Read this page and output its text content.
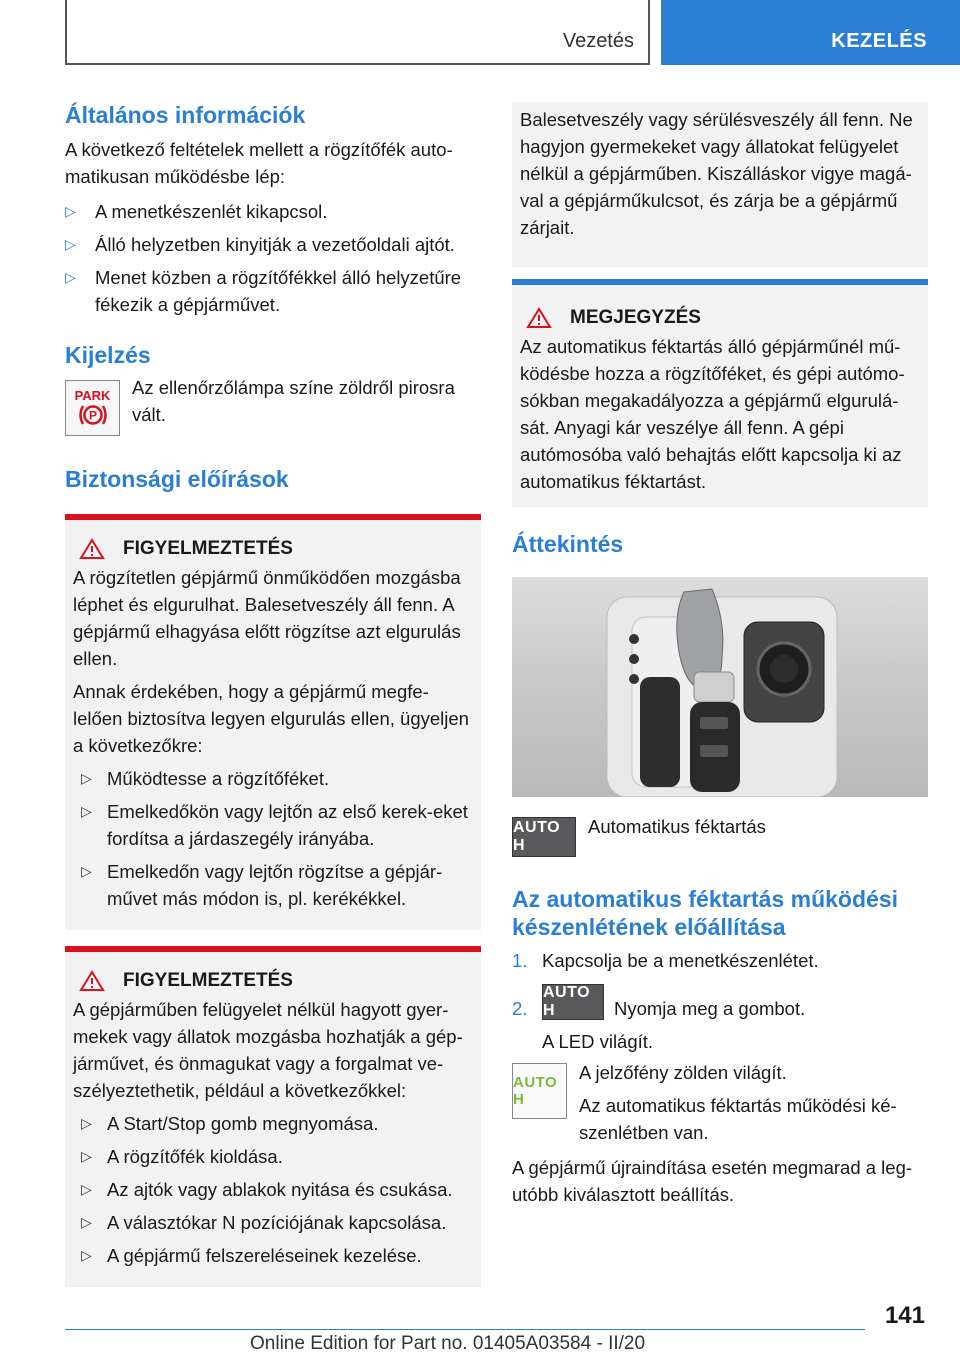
Vezetés	KEZELÉS
Általános információk

A következő feltételek mellett a rögzítőfék auto-matikusan működésbe lép:

▷ A menetkészenlét kikapcsol.
▷ Álló helyzetben kinyitják a vezetőoldali ajtót.
▷ Menet közben a rögzítőfékkel álló helyzetűre fékezik a gépjárművet.
Kijelzés
PARK
P

Az ellenőrzőlámpa színe zöldről pirosra vált.

Biztonsági előírások
FIGYELMEZTETÉS

A rögzítetlen gépjármű önműködően mozgásba léphet és elgurulhat. Balesetveszély áll fenn. A gépjármű elhagyása előtt rögzítse azt elgurulás ellen.

Annak érdekében, hogy a gépjármű megfe-lelően biztosítva legyen elgurulás ellen, ügyeljen a következőkre:

▷ Működtesse a rögzítőféket.
▷ Emelkedőkön vagy lejtőn az első kerek-eket fordítsa a járdaszegély irányába.
▷ Emelkedőn vagy lejtőn rögzítse a gépjár-művet más módon is, pl. kerékékkel.
FIGYELMEZTETÉS

A gépjárműben felügyelet nélkül hagyott gyer-mekek vagy állatok mozgásba hozhatják a gép-járművet, és önmagukat vagy a forgalmat ve-szélyeztethetik, például a következőkkel:

▷ A Start/Stop gomb megnyomása.
▷ A rögzítőfék kioldása.
▷ Az ajtók vagy ablakok nyitása és csukása.
▷ A választókar N pozíciójának kapcsolása.
▷ A gépjármű felszereléseinek kezelése.

Balesetveszély vagy sérülésveszély áll fenn. Ne hagyjon gyermekeket vagy állatokat felügyelet nélkül a gépjárműben. Kiszálláskor vigye magá-val a gépjárműkulcsot, és zárja be a gépjármű zárjait.

MEGJEGYZÉS

Az automatikus féktartás álló gépjárműnél mű-ködésbe hozza a rögzítőféket, és gépi autómo-sókban megakadályozza a gépjármű elgurulá-sát. Anyagi kár veszélye áll fenn. A gépi autómosóba való behajtás előtt kapcsolja ki az automatikus féktartást.

Áttekintés
AUTO H

Automatikus féktartás

Az automatikus féktartás működési készenlétének előállítása
1. Kapcsolja be a menetkészenlétet.

2.
AUTO H	Nyomja meg a gombot.

A LED világít.

AUTO H

A jelzőfény zölden világít.

Az automatikus féktartás működési ké-szenlétben van.

A gépjármű újraindítása esetén megmarad a leg-utóbb kiválasztott beállítás.

141
Online Edition for Part no. 01405A03584 - II/20
